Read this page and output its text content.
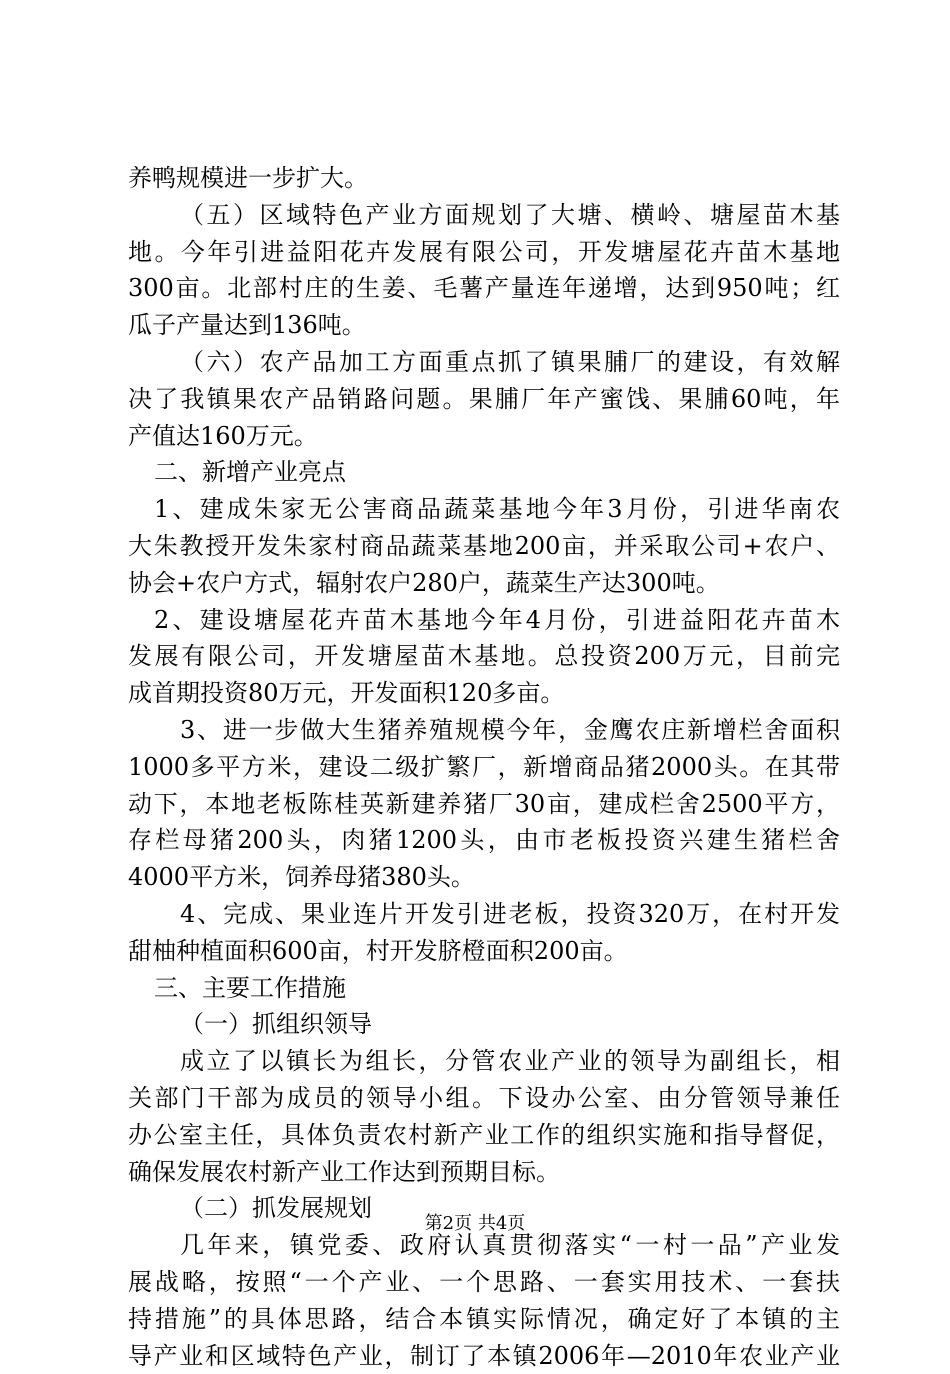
养鸭规模进一步扩大。
（五）区域特色产业方面规划了大塘、横岭、塘屋苗木基
地。今年引进益阳花卉发展有限公司，开发塘屋花卉苗木基地
300亩。北部村庄的生姜、毛薯产量连年递增，达到950吨；红
瓜子产量达到136吨。
（六）农产品加工方面重点抓了镇果脯厂的建设，有效解
决了我镇果农产品销路问题。果脯厂年产蜜饯、果脯60吨，年
产值达160万元。
二、新增产业亮点
1、建成朱家无公害商品蔬菜基地今年3月份，引进华南农
大朱教授开发朱家村商品蔬菜基地200亩，并采取公司+农户、
协会+农户方式，辐射农户280户，蔬菜生产达300吨。
2、建设塘屋花卉苗木基地今年4月份，引进益阳花卉苗木
发展有限公司，开发塘屋苗木基地。总投资200万元，目前完
成首期投资80万元，开发面积120多亩。
3、进一步做大生猪养殖规模今年，金鹰农庄新增栏舍面积
1000多平方米，建设二级扩繁厂，新增商品猪2000头。在其带
动下，本地老板陈桂英新建养猪厂30亩，建成栏舍2500平方，
存栏母猪200头，肉猪1200头，由市老板投资兴建生猪栏舍
4000平方米，饲养母猪380头。
4、完成、果业连片开发引进老板，投资320万，在村开发
甜柚种植面积600亩，村开发脐橙面积200亩。
三、主要工作措施
（一）抓组织领导
成立了以镇长为组长，分管农业产业的领导为副组长，相
关部门干部为成员的领导小组。下设办公室、由分管领导兼任
办公室主任，具体负责农村新产业工作的组织实施和指导督促，
确保发展农村新产业工作达到预期目标。
（二）抓发展规划
几年来，镇党委、政府认真贯彻落实“一村一品”产业发
展战略，按照“一个产业、一个思路、一套实用技术、一套扶
持措施”的具体思路，结合本镇实际情况，确定好了本镇的主
导产业和区域特色产业，制订了本镇2006年—2010年农业产业
第2页 共4页
